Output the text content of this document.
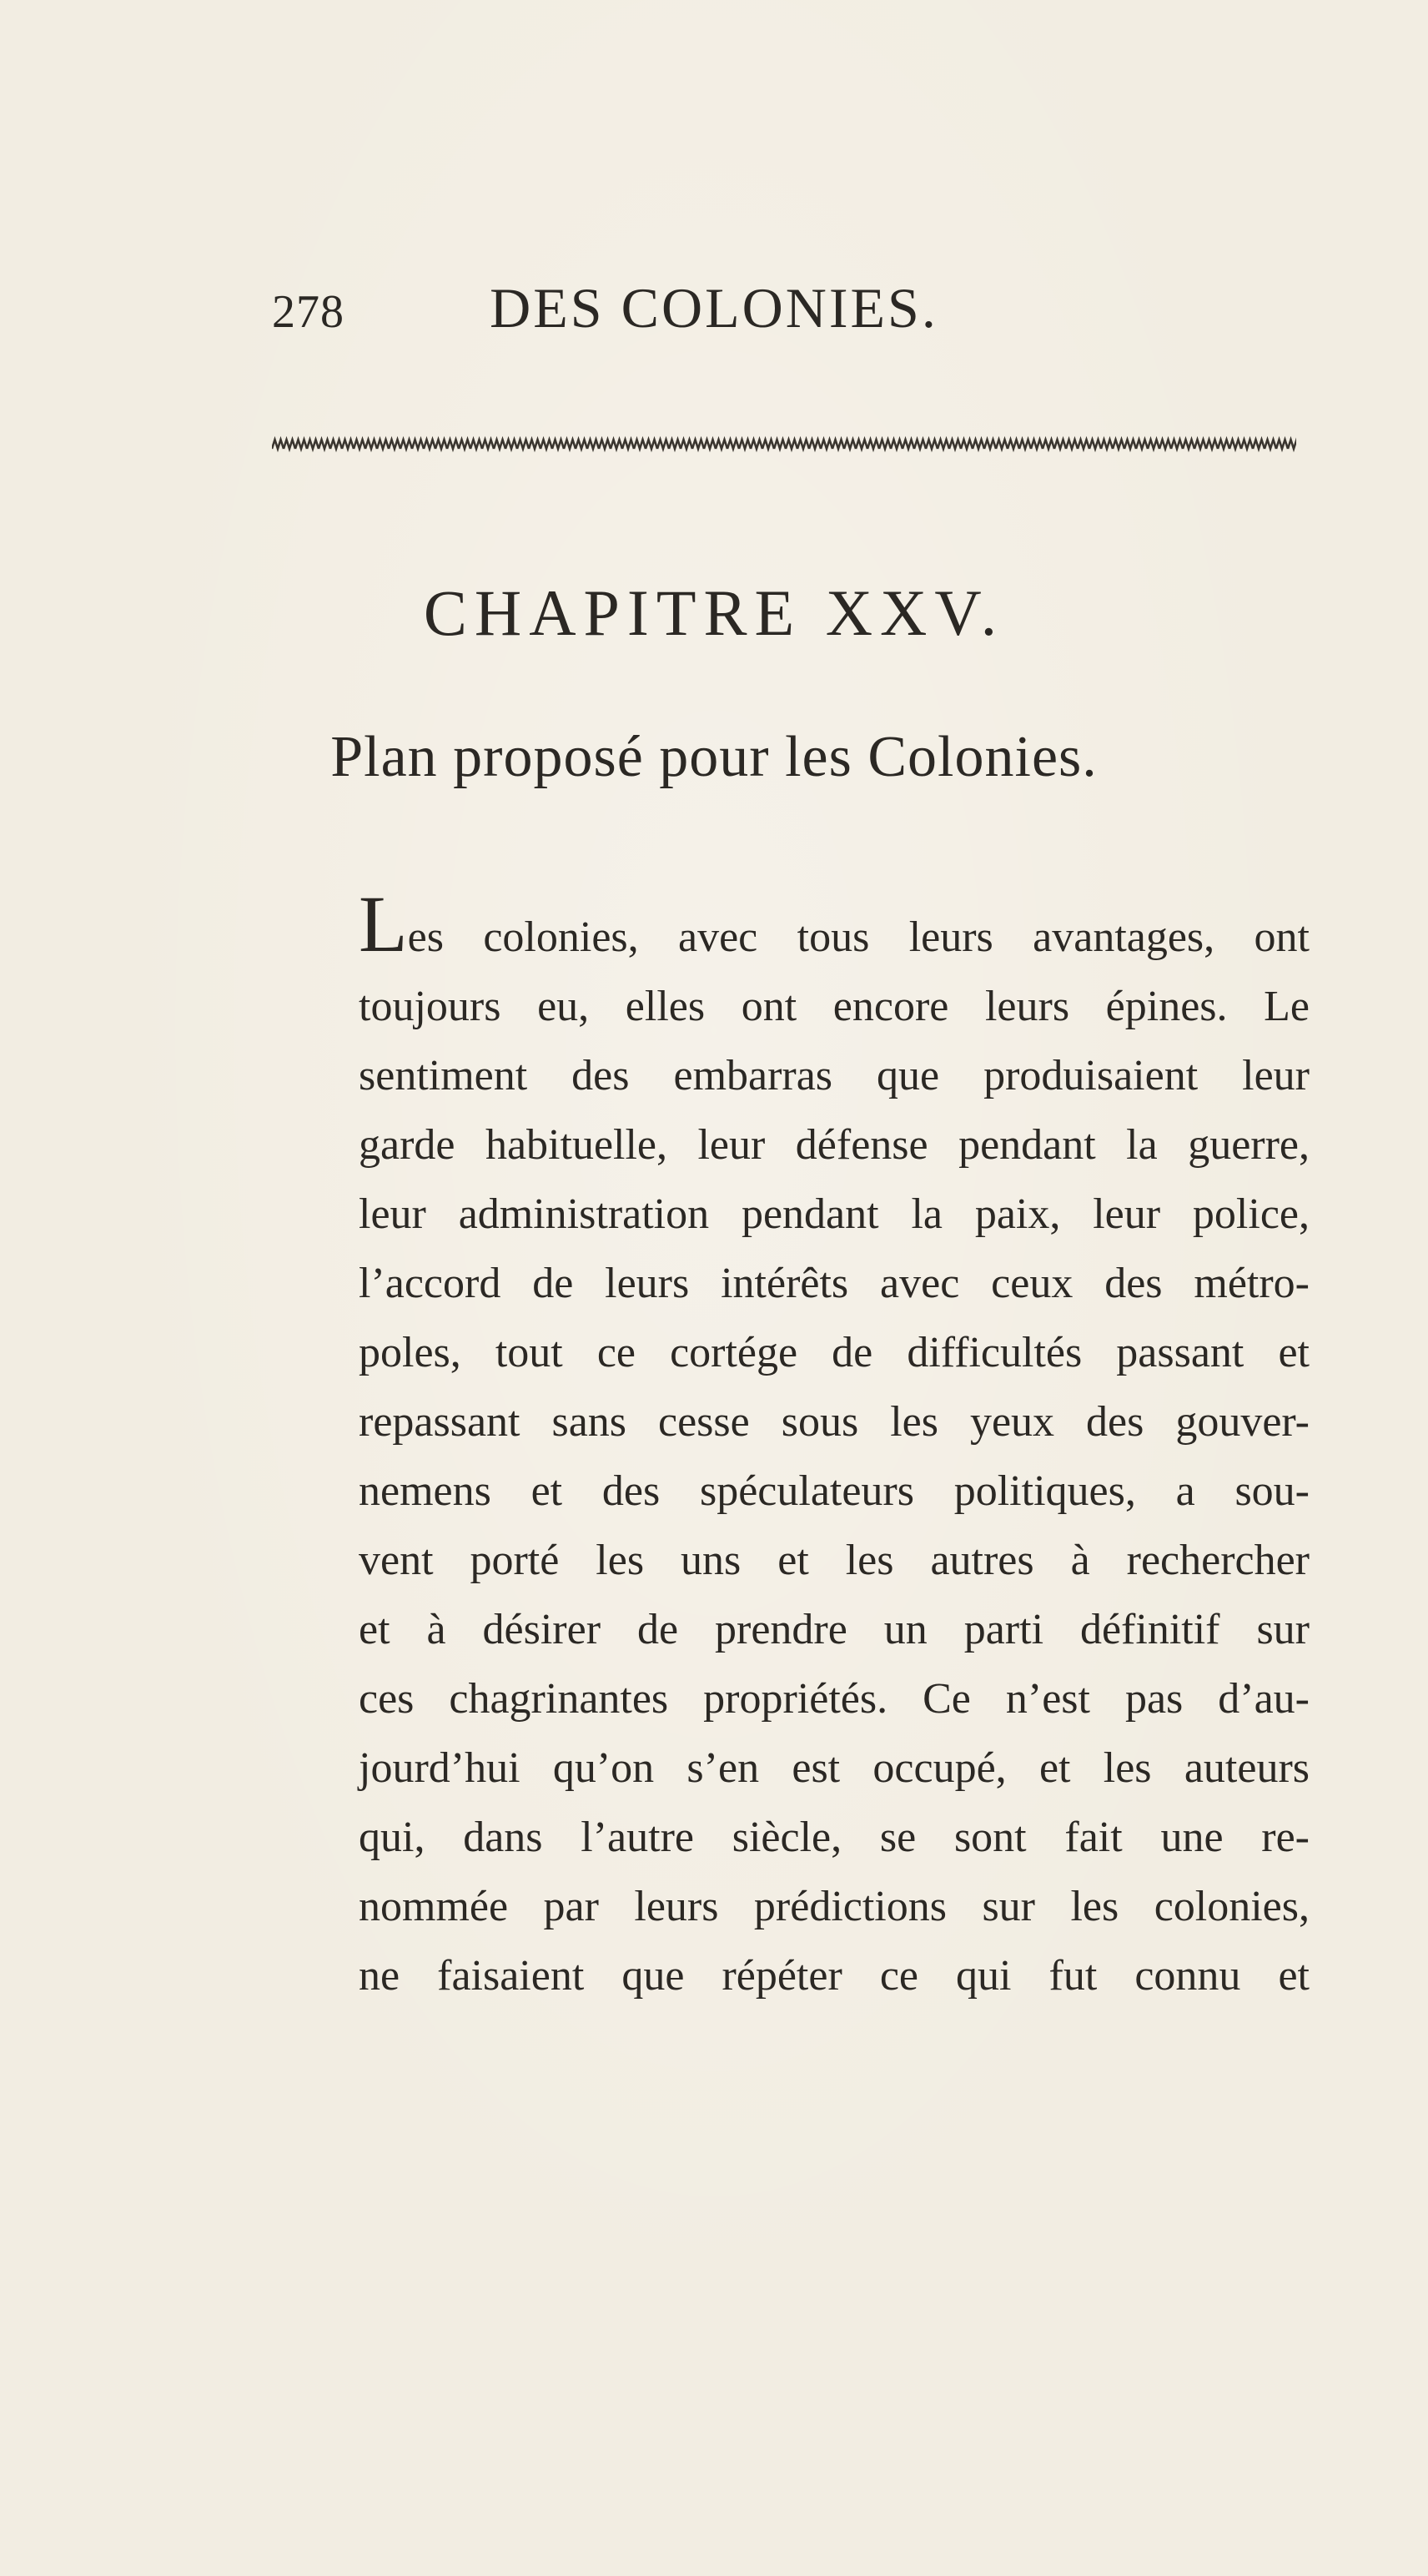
278	DES COLONIES.
CHAPITRE XXV.
Plan proposé pour les Colonies.
Les colonies, avec tous leurs avantages, ont
toujours eu, elles ont encore leurs épines. Le
sentiment des embarras que produisaient leur
garde habituelle, leur défense pendant la guerre,
leur administration pendant la paix, leur police,
l’accord de leurs intérêts avec ceux des métro-
poles, tout ce cortége de difficultés passant et
repassant sans cesse sous les yeux des gouver-
nemens et des spéculateurs politiques, a sou-
vent porté les uns et les autres à rechercher
et à désirer de prendre un parti définitif sur
ces chagrinantes propriétés. Ce n’est pas d’au-
jourd’hui qu’on s’en est occupé, et les auteurs
qui, dans l’autre siècle, se sont fait une re-
nommée par leurs prédictions sur les colonies,
ne faisaient que répéter ce qui fut connu et
